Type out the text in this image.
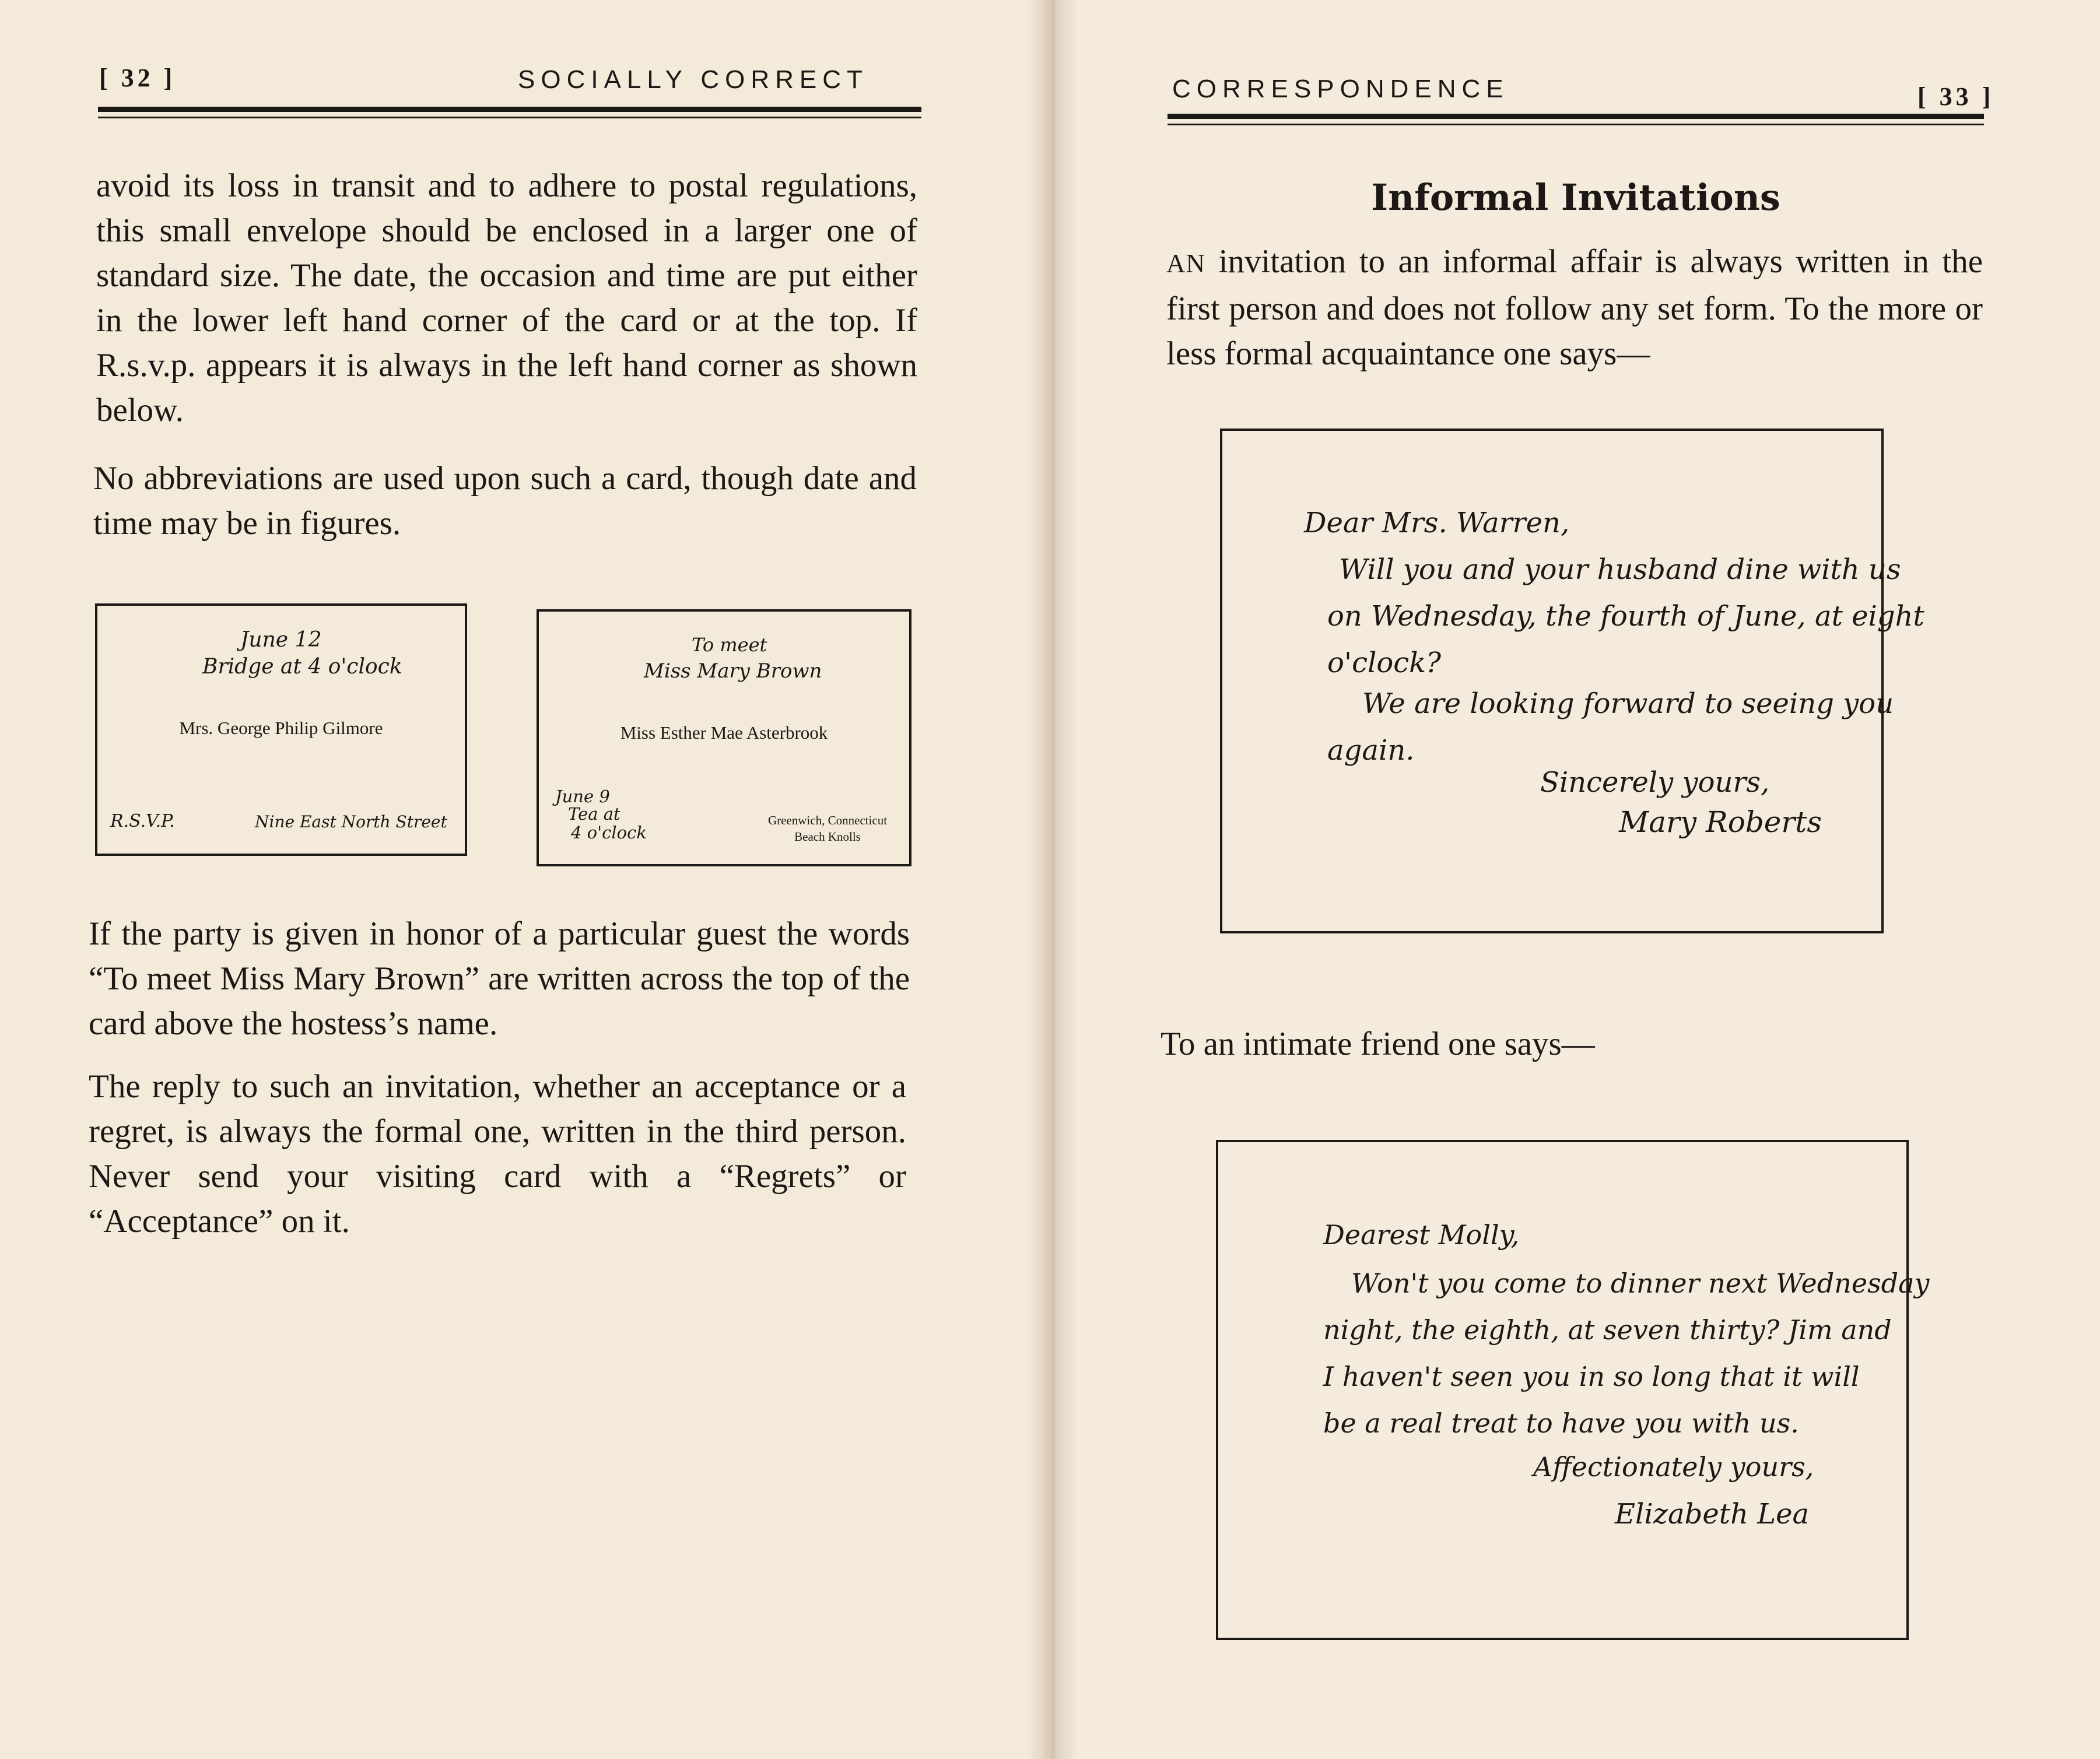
[ 32 ]	SOCIALLY CORRECT
avoid its loss in transit and to adhere to postal regulations, this small envelope should be enclosed in a larger one of standard size. The date, the occasion and time are put either in the lower left hand corner of the card or at the top. If R.s.v.p. appears it is always in the left hand corner as shown below.
No abbreviations are used upon such a card, though date and time may be in figures.
June 12
Bridge at 4 o'clock
Mrs. George Philip Gilmore
R.S.V.P.	Nine East North Street
To meet
Miss Mary Brown
Miss Esther Mae Asterbrook
June 9
Tea at
4 o'clock
Greenwich, Connecticut
Beach Knolls
If the party is given in honor of a particular guest the words “To meet Miss Mary Brown” are written across the top of the card above the hostess’s name.
The reply to such an invitation, whether an acceptance or a regret, is always the formal one, written in the third person. Never send your visiting card with a “Regrets” or “Acceptance” on it.
CORRESPONDENCE	[ 33 ]
Informal Invitations
AN invitation to an informal affair is always written in the first person and does not follow any set form. To the more or less formal acquaintance one says—
Dear Mrs. Warren,
Will you and your husband dine with us
on Wednesday, the fourth of June, at eight
o'clock?
We are looking forward to seeing you
again.
Sincerely yours,
Mary Roberts
To an intimate friend one says—
Dearest Molly,
Won't you come to dinner next Wednesday
night, the eighth, at seven thirty? Jim and
I haven't seen you in so long that it will
be a real treat to have you with us.
Affectionately yours,
Elizabeth Lea
